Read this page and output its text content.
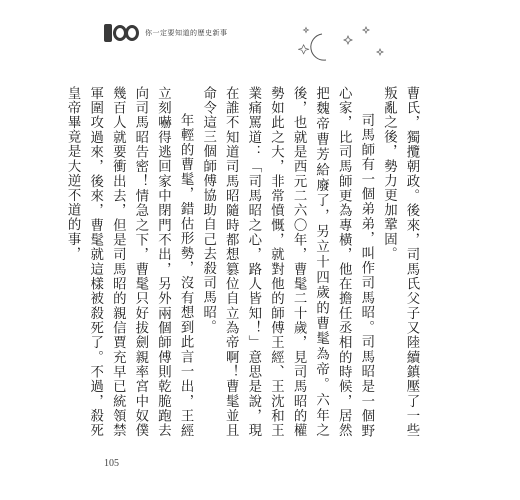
你一定要知道的歷史新事

曹氏，獨攬朝政。後來，司馬氏父子又陸續鎮壓了一些叛亂之後，勢力更加鞏固。

司馬師有一個弟弟，叫作司馬昭。司馬昭是一個野心家，比司馬師更為專橫，他在擔任丞相的時候，居然把魏帝曹芳給廢了，另立十四歲的曹髦為帝。六年之後，也就是西元二六〇年，曹髦二十歲，見司馬昭的權勢如此之大，非常憤慨，就對他的師傅王經、王沈和王業痛罵道：「司馬昭之心，路人皆知！」意思是說，現在誰不知道司馬昭隨時都想篡位自立為帝啊！曹髦並且命令這三個師傅協助自己去殺司馬昭。

年輕的曹髦，錯估形勢，沒有想到此言一出，王經立刻嚇得逃回家中閉門不出，另外兩個師傅則乾脆跑去向司馬昭告密！情急之下，曹髦只好拔劍親率宮中奴僕幾百人就要衝出去，但是司馬昭的親信賈充早已統領禁軍圍攻過來，後來，曹髦就這樣被殺死了。不過，殺死皇帝畢竟是大逆不道的事，

105
